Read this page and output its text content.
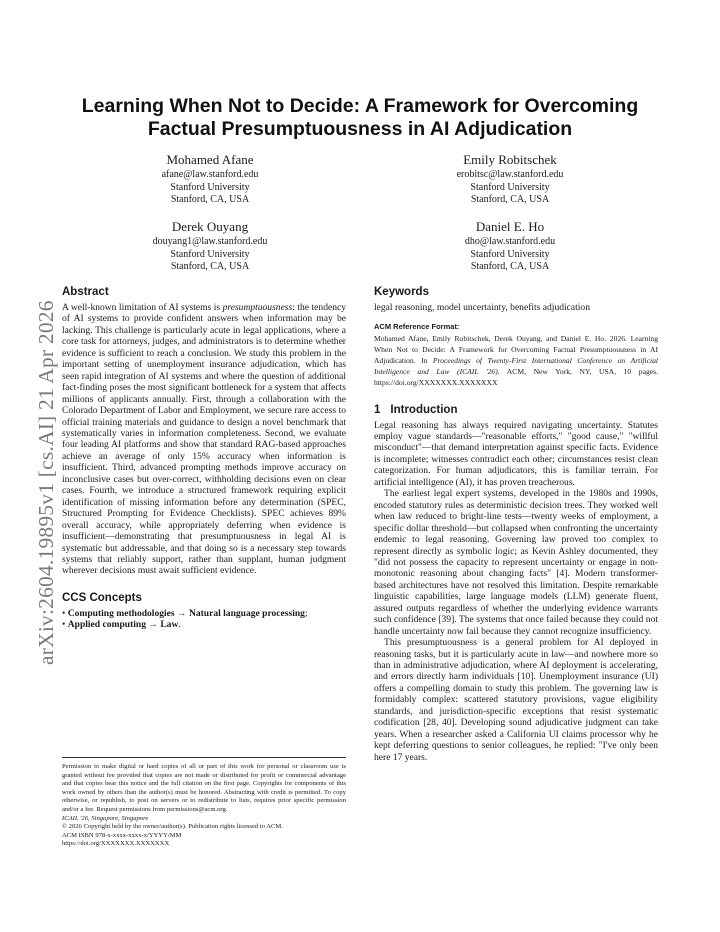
arXiv:2604.19895v1 [cs.AI] 21 Apr 2026
Learning When Not to Decide: A Framework for Overcoming Factual Presumptuousness in AI Adjudication
Mohamed Afane
afane@law.stanford.edu
Stanford University
Stanford, CA, USA
Emily Robitschek
erobitsc@law.stanford.edu
Stanford University
Stanford, CA, USA
Derek Ouyang
douyang1@law.stanford.edu
Stanford University
Stanford, CA, USA
Daniel E. Ho
dho@law.stanford.edu
Stanford University
Stanford, CA, USA
Abstract

A well-known limitation of AI systems is presumptuousness: the tendency of AI systems to provide confident answers when information may be lacking. This challenge is particularly acute in legal applications, where a core task for attorneys, judges, and administrators is to determine whether evidence is sufficient to reach a conclusion. We study this problem in the important setting of unemployment insurance adjudication, which has seen rapid integration of AI systems and where the question of additional fact-finding poses the most significant bottleneck for a system that affects millions of applicants annually. First, through a collaboration with the Colorado Department of Labor and Employment, we secure rare access to official training materials and guidance to design a novel benchmark that systematically varies in information completeness. Second, we evaluate four leading AI platforms and show that standard RAG-based approaches achieve an average of only 15% accuracy when information is insufficient. Third, advanced prompting methods improve accuracy on inconclusive cases but over-correct, withholding decisions even on clear cases. Fourth, we introduce a structured framework requiring explicit identification of missing information before any determination (SPEC, Structured Prompting for Evidence Checklists). SPEC achieves 89% overall accuracy, while appropriately deferring when evidence is insufficient—demonstrating that presumptuousness in legal AI is systematic but addressable, and that doing so is a necessary step towards systems that reliably support, rather than supplant, human judgment wherever decisions must await sufficient evidence.

CCS Concepts
• Computing methodologies → Natural language processing;
• Applied computing → Law.
Keywords
legal reasoning, model uncertainty, benefits adjudication
ACM Reference Format:

Mohamed Afane, Emily Robitschek, Derek Ouyang, and Daniel E. Ho. 2026. Learning When Not to Decide: A Framework for Overcoming Factual Presumptuousness in AI Adjudication. In Proceedings of Twenty-First International Conference on Artificial Intelligence and Law (ICAIL '26). ACM, New York, NY, USA, 10 pages. https://doi.org/XXXXXXX.XXXXXXX

1 Introduction

Legal reasoning has always required navigating uncertainty. Statutes employ vague standards—"reasonable efforts," "good cause," "willful misconduct"—that demand interpretation against specific facts. Evidence is incomplete; witnesses contradict each other; circumstances resist clean categorization. For human adjudicators, this is familiar terrain. For artificial intelligence (AI), it has proven treacherous.

The earliest legal expert systems, developed in the 1980s and 1990s, encoded statutory rules as deterministic decision trees. They worked well when law reduced to bright-line tests—twenty weeks of employment, a specific dollar threshold—but collapsed when confronting the uncertainty endemic to legal reasoning. Governing law proved too complex to represent directly as symbolic logic; as Kevin Ashley documented, they "did not possess the capacity to represent uncertainty or engage in non-monotonic reasoning about changing facts" [4]. Modern transformer-based architectures have not resolved this limitation. Despite remarkable linguistic capabilities, large language models (LLM) generate fluent, assured outputs regardless of whether the underlying evidence warrants such confidence [39]. The systems that once failed because they could not handle uncertainty now fail because they cannot recognize insufficiency.

This presumptuousness is a general problem for AI deployed in reasoning tasks, but it is particularly acute in law—and nowhere more so than in administrative adjudication, where AI deployment is accelerating, and errors directly harm individuals [10]. Unemployment insurance (UI) offers a compelling domain to study this problem. The governing law is formidably complex: scattered statutory provisions, vague eligibility standards, and jurisdiction-specific exceptions that resist systematic codification [28, 40]. Developing sound adjudicative judgment can take years. When a researcher asked a California UI claims processor why he kept deferring questions to senior colleagues, he replied: "I've only been here 17 years.

Permission to make digital or hard copies of all or part of this work for personal or classroom use is granted without fee provided that copies are not made or distributed for profit or commercial advantage and that copies bear this notice and the full citation on the first page. Copyrights for components of this work owned by others than the author(s) must be honored. Abstracting with credit is permitted. To copy otherwise, or republish, to post on servers or to redistribute to lists, requires prior specific permission and/or a fee. Request permissions from permissions@acm.org.

ICAIL '26, Singapore, Singapore

© 2026 Copyright held by the owner/author(s). Publication rights licensed to ACM.

ACM ISBN 978-x-xxxx-xxxx-x/YYYY/MM

https://doi.org/XXXXXXX.XXXXXXX
